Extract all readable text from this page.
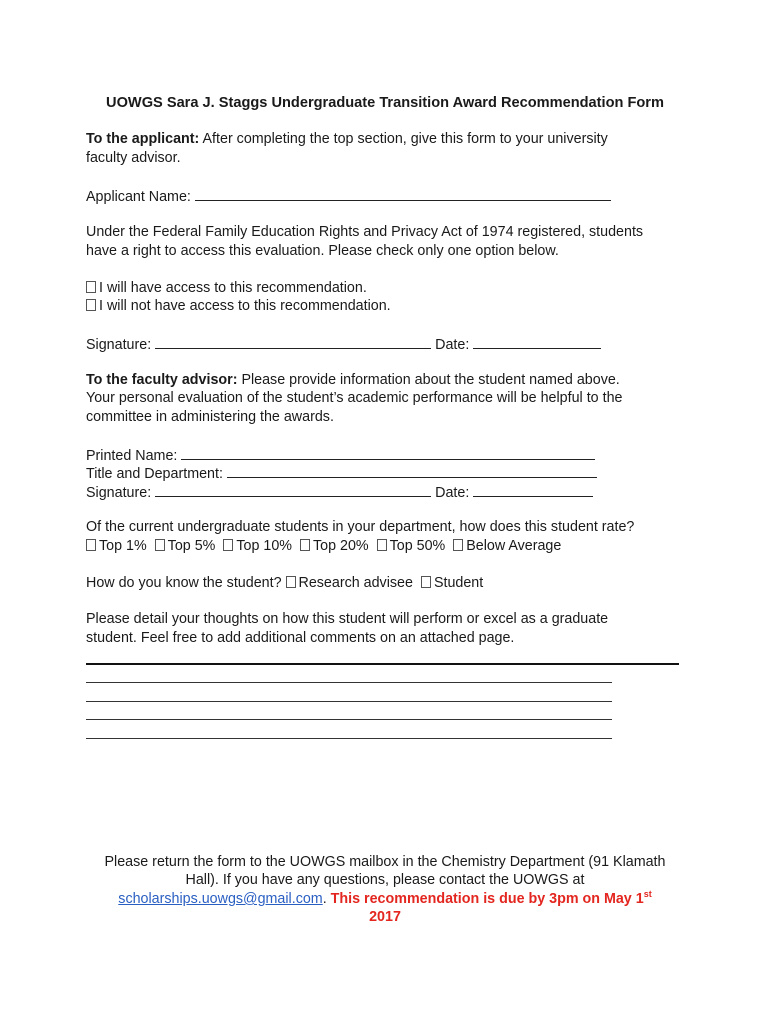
UOWGS Sara J. Staggs Undergraduate Transition Award Recommendation Form
To the applicant: After completing the top section, give this form to your university
faculty advisor.
Applicant Name:
Under the Federal Family Education Rights and Privacy Act of 1974 registered, students
have a right to access this evaluation. Please check only one option below.
I will have access to this recommendation.
I will not have access to this recommendation.
Signature:	Date:
To the faculty advisor: Please provide information about the student named above.
Your personal evaluation of the student’s academic performance will be helpful to the
committee in administering the awards.
Printed Name:
Title and Department:
Signature:	Date:
Of the current undergraduate students in your department, how does this student rate?
Top 1% Top 5% Top 10% Top 20% Top 50% Below Average
How do you know the student? Research advisee Student
Please detail your thoughts on how this student will perform or excel as a graduate
student. Feel free to add additional comments on an attached page.
Please return the form to the UOWGS mailbox in the Chemistry Department (91 Klamath
Hall). If you have any questions, please contact the UOWGS at
scholarships.uowgs@gmail.com. This recommendation is due by 3pm on May 1st
2017
